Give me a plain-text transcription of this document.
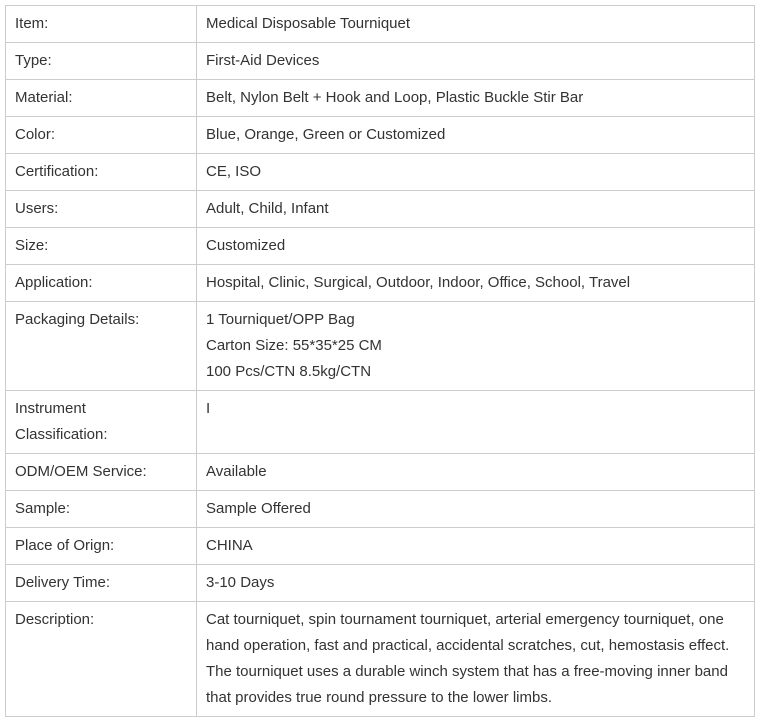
Item:	Medical Disposable Tourniquet
Type:	First-Aid Devices
Material:	Belt, Nylon Belt + Hook and Loop, Plastic Buckle Stir Bar
Color:	Blue, Orange, Green or Customized
Certification:	CE, ISO
Users:	Adult, Child, Infant
Size:	Customized
Application:	Hospital, Clinic, Surgical, Outdoor, Indoor, Office, School, Travel
Packaging Details:	1 Tourniquet/OPP Bag
Carton Size: 55*35*25 CM
100 Pcs/CTN 8.5kg/CTN
Instrument
Classification:	I
ODM/OEM Service:	Available
Sample:	Sample Offered
Place of Orign:	CHINA
Delivery Time:	3-10 Days
Description:	Cat tourniquet, spin tournament tourniquet, arterial emergency tourniquet, one hand operation, fast and practical, accidental scratches, cut, hemostasis effect. The tourniquet uses a durable winch system that has a free-moving inner band that provides true round pressure to the lower limbs.
